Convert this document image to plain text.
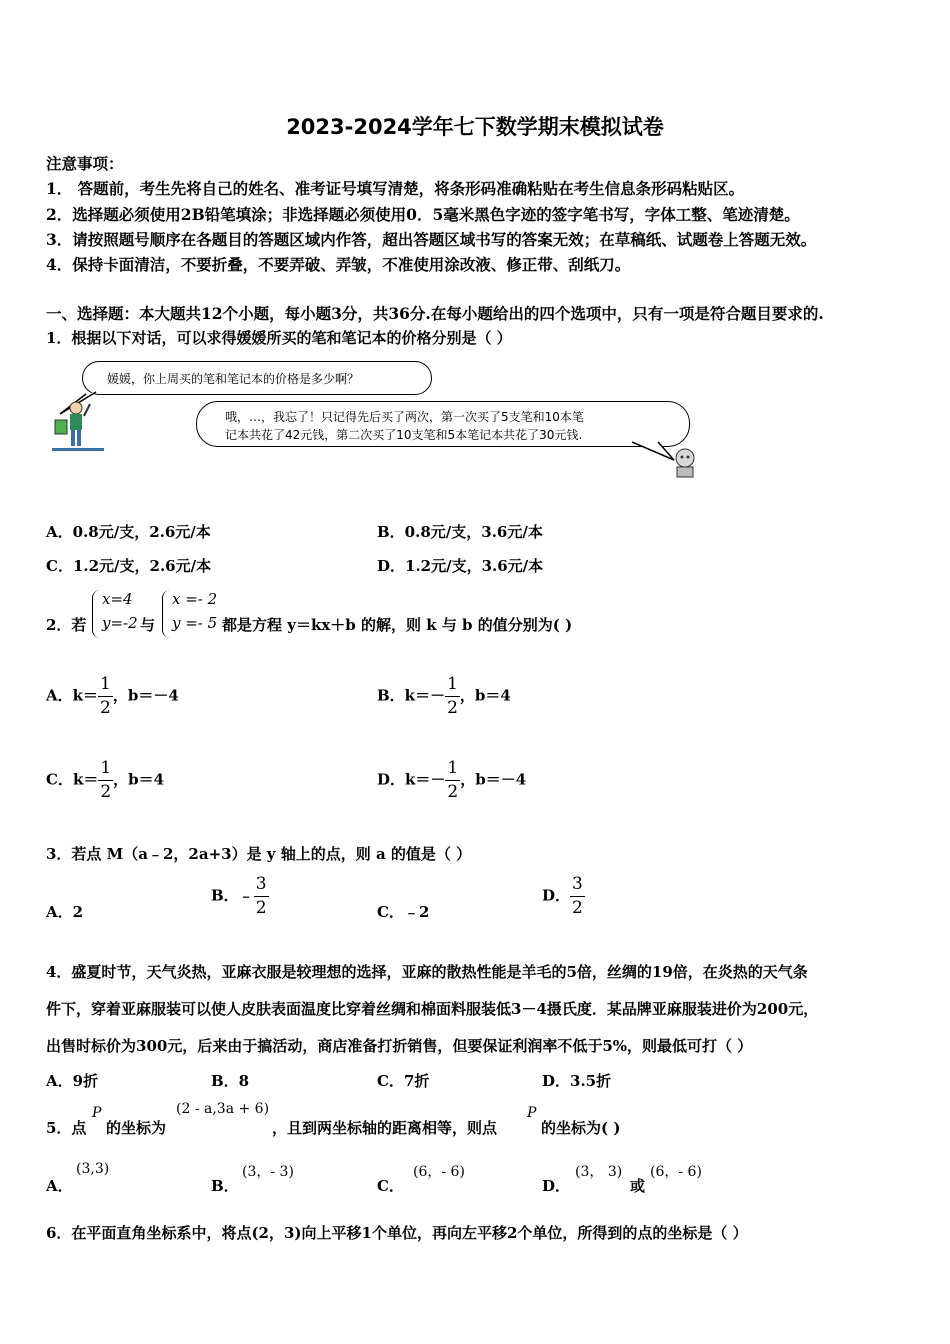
2023-2024学年七下数学期末模拟试卷
注意事项：
1． 答题前，考生先将自己的姓名、准考证号填写清楚，将条形码准确粘贴在考生信息条形码粘贴区。
2．选择题必须使用2B铅笔填涂；非选择题必须使用0．5毫米黑色字迹的签字笔书写，字体工整、笔迹清楚。
3．请按照题号顺序在各题目的答题区域内作答，超出答题区域书写的答案无效；在草稿纸、试题卷上答题无效。
4．保持卡面清洁，不要折叠，不要弄破、弄皱，不准使用涂改液、修正带、刮纸刀。
一、选择题：本大题共12个小题，每小题3分，共36分.在每小题给出的四个选项中，只有一项是符合题目要求的.
1．根据以下对话，可以求得媛媛所买的笔和笔记本的价格分别是（ ）
媛媛，你上周买的笔和笔记本的价格是多少啊？
哦，…，我忘了！只记得先后买了两次，第一次买了5支笔和10本笔
记本共花了42元钱，第二次买了10支笔和5本笔记本共花了30元钱.
A．0.8元/支，2.6元/本	B．0.8元/支，3.6元/本
C．1.2元/支，2.6元/本	D．1.2元/支，3.6元/本
2．若
x=4
y=-2 与
x =- 2
y =- 5 都是方程 y＝kx＋b 的解，则 k 与 b 的值分别为( )
A．$k= \frac{1}{2}$ ，b＝－4	B．$k=- \frac{1}{2}$ ，b＝4
C．$k= \frac{1}{2}$ ，b＝4	D．$k=- \frac{1}{2}$ ，b＝－4
3．若点 M（a﹣2，2a+3）是 y 轴上的点，则 a 的值是（ ）
A．2
B．﹣ $\frac{3}{2}$	C．﹣2
D． $\frac{3}{2}$
4．盛夏时节，天气炎热，亚麻衣服是较理想的选择，亚麻的散热性能是羊毛的5倍，丝绸的19倍，在炎热的天气条
件下，穿着亚麻服装可以使人皮肤表面温度比穿着丝绸和棉面料服装低3－4摄氏度．某品牌亚麻服装进价为200元，
出售时标价为300元，后来由于搞活动，商店准备打折销售，但要保证利润率不低于5%，则最低可打（ ）
A．9折	B．8	C．7折	D．3.5折
5．点
P
的坐标为
(2 - a,3a + 6)
，且到两坐标轴的距离相等，则点
P
的坐标为( )
A．
(3,3)
B．
(3，- 3)
C．
(6，- 6)
D．
(3， 3)
或
(6，- 6)
6．在平面直角坐标系中，将点(2，3)向上平移1个单位，再向左平移2个单位，所得到的点的坐标是（ ）
